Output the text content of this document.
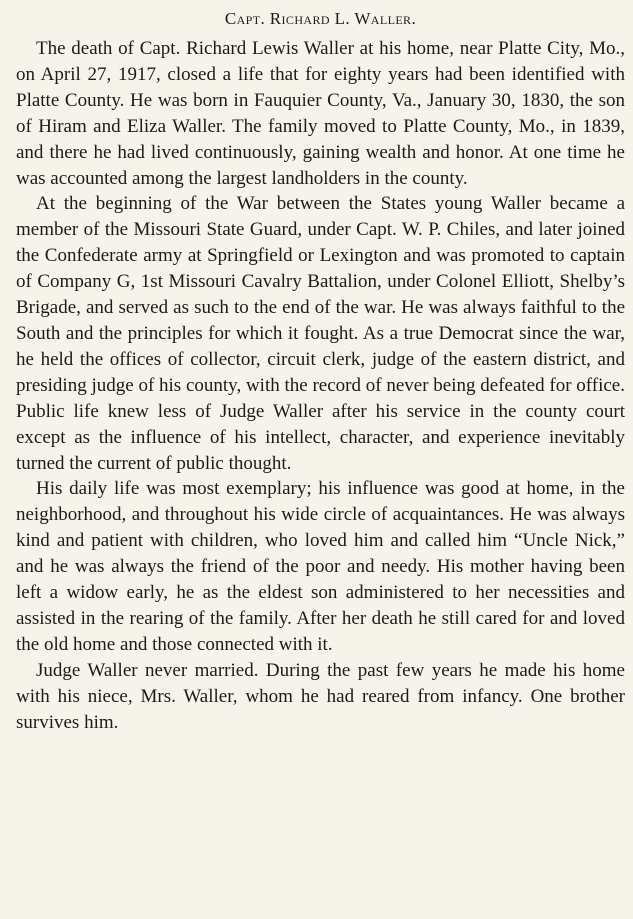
Capt. Richard L. Waller.

The death of Capt. Richard Lewis Waller at his home, near Platte City, Mo., on April 27, 1917, closed a life that for eighty years had been identified with Platte County. He was born in Fauquier County, Va., January 30, 1830, the son of Hiram and Eliza Waller. The family moved to Platte County, Mo., in 1839, and there he had lived continuously, gaining wealth and honor. At one time he was accounted among the largest landholders in the county.

At the beginning of the War between the States young Waller became a member of the Missouri State Guard, under Capt. W. P. Chiles, and later joined the Confederate army at Springfield or Lexington and was promoted to captain of Company G, 1st Missouri Cavalry Battalion, under Colonel Elliott, Shelby’s Brigade, and served as such to the end of the war. He was always faithful to the South and the principles for which it fought. As a true Democrat since the war, he held the offices of collector, circuit clerk, judge of the eastern district, and presiding judge of his county, with the record of never being defeated for office. Public life knew less of Judge Waller after his service in the county court except as the influence of his intellect, character, and experience inevitably turned the current of public thought.

His daily life was most exemplary; his influence was good at home, in the neighborhood, and throughout his wide circle of acquaintances. He was always kind and patient with children, who loved him and called him “Uncle Nick,” and he was always the friend of the poor and needy. His mother having been left a widow early, he as the eldest son administered to her necessities and assisted in the rearing of the family. After her death he still cared for and loved the old home and those connected with it.

Judge Waller never married. During the past few years he made his home with his niece, Mrs. Waller, whom he had reared from infancy. One brother survives him.
